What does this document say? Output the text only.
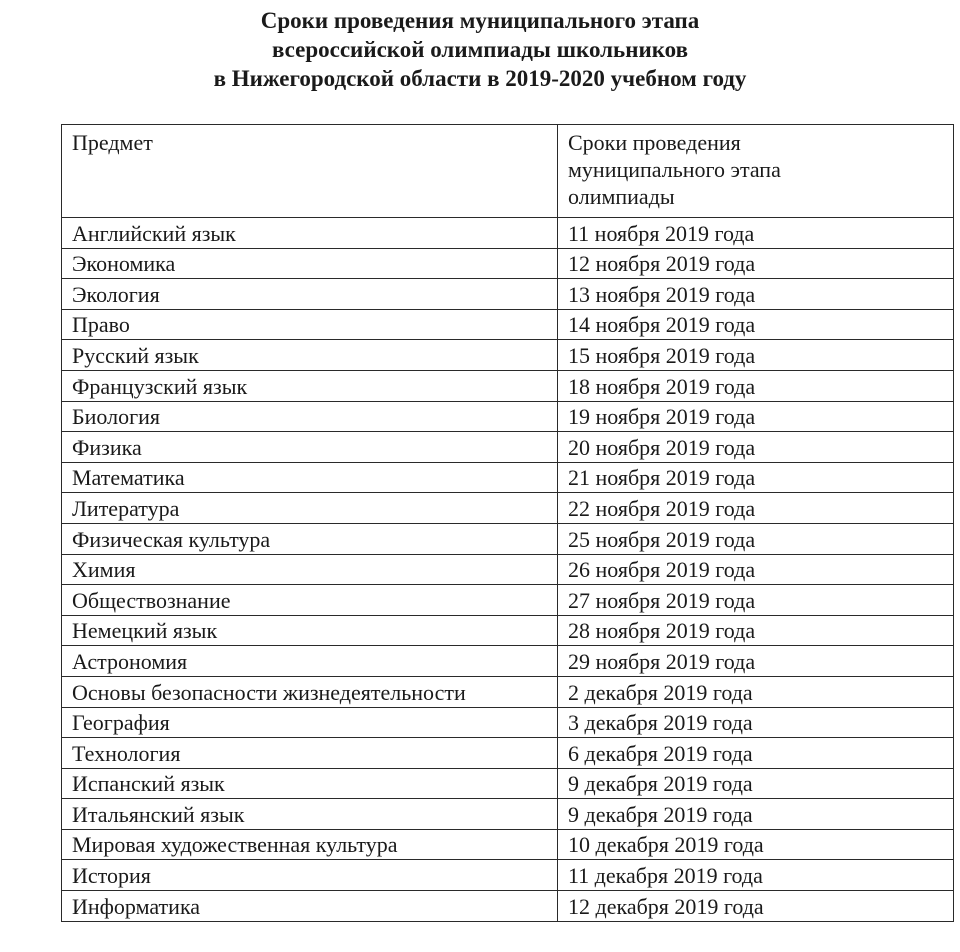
Сроки проведения муниципального этапа
всероссийской олимпиады школьников
в Нижегородской области в 2019-2020 учебном году
Предмет	Сроки проведения
муниципального этапа
олимпиады

Английский язык	11 ноября 2019 года
Экономика	12 ноября 2019 года
Экология	13 ноября 2019 года
Право	14 ноября 2019 года
Русский язык	15 ноября 2019 года
Французский язык	18 ноября 2019 года
Биология	19 ноября 2019 года
Физика	20 ноября 2019 года
Математика	21 ноября 2019 года
Литература	22 ноября 2019 года
Физическая культура	25 ноября 2019 года
Химия	26 ноября 2019 года
Обществознание	27 ноября 2019 года
Немецкий язык	28 ноября 2019 года
Астрономия	29 ноября 2019 года
Основы безопасности жизнедеятельности	2 декабря 2019 года
География	3 декабря 2019 года
Технология	6 декабря 2019 года
Испанский язык	9 декабря 2019 года
Итальянский язык	9 декабря 2019 года
Мировая художественная культура	10 декабря 2019 года
История	11 декабря 2019 года
Информатика	12 декабря 2019 года
